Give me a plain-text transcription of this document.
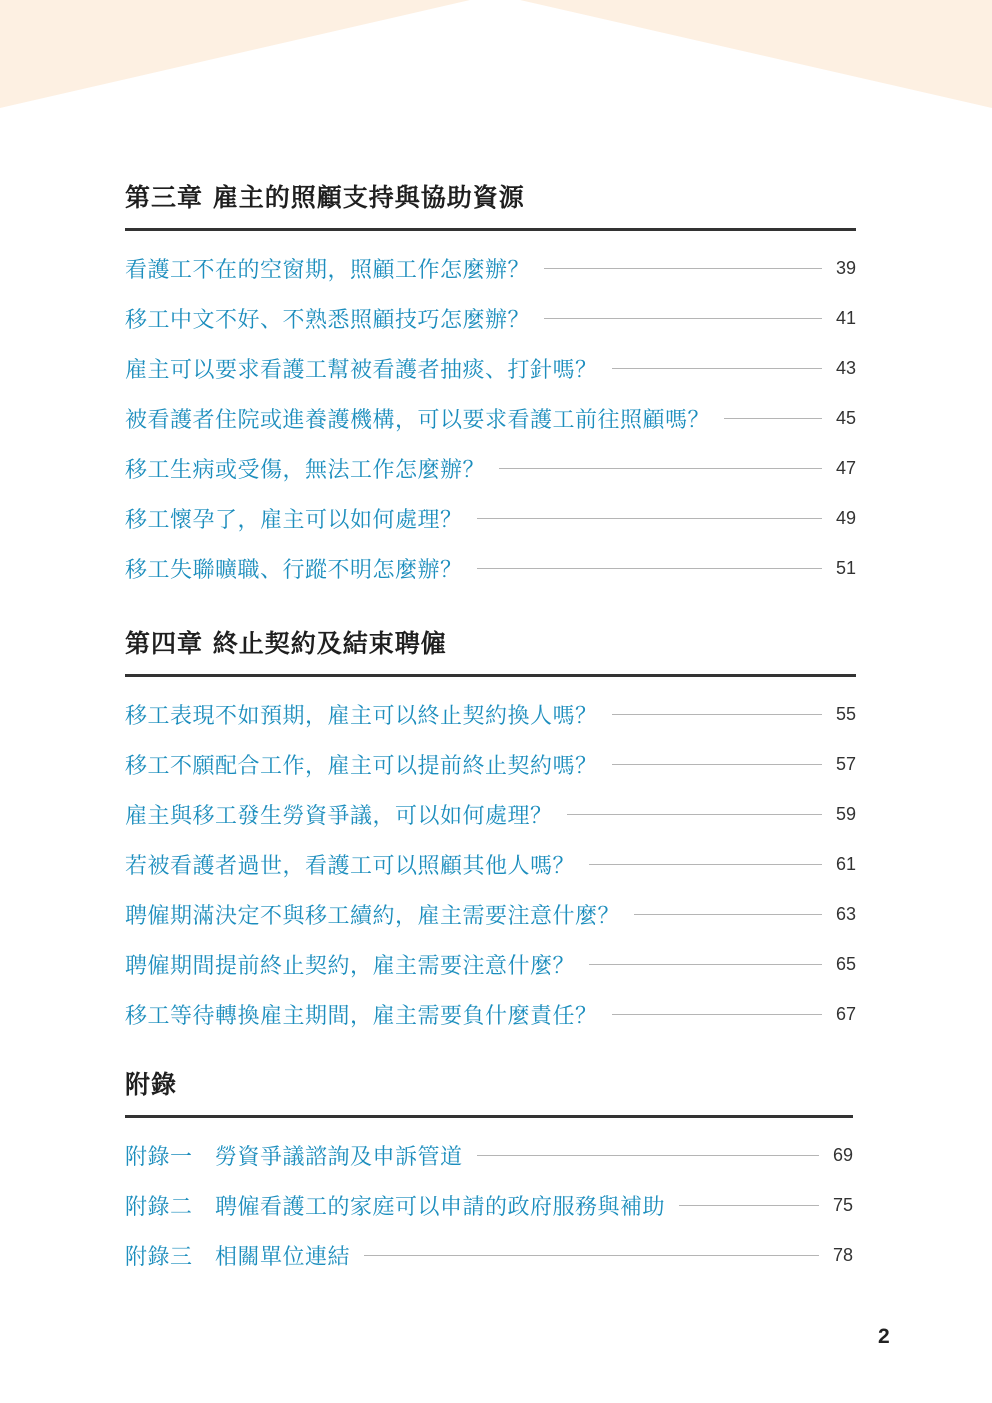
第三章 雇主的照顧支持與協助資源
看護工不在的空窗期，照顧工作怎麼辦？	39
移工中文不好、不熟悉照顧技巧怎麼辦？	41
雇主可以要求看護工幫被看護者抽痰、打針嗎？	43
被看護者住院或進養護機構，可以要求看護工前往照顧嗎？	45
移工生病或受傷，無法工作怎麼辦？	47
移工懷孕了，雇主可以如何處理？	49
移工失聯曠職、行蹤不明怎麼辦？	51
第四章 終止契約及結束聘僱
移工表現不如預期，雇主可以終止契約換人嗎？	55
移工不願配合工作，雇主可以提前終止契約嗎？	57
雇主與移工發生勞資爭議，可以如何處理？	59
若被看護者過世，看護工可以照顧其他人嗎？	61
聘僱期滿決定不與移工續約，雇主需要注意什麼？	63
聘僱期間提前終止契約，雇主需要注意什麼？	65
移工等待轉換雇主期間，雇主需要負什麼責任？	67
附錄
附錄一　勞資爭議諮詢及申訴管道	69
附錄二　聘僱看護工的家庭可以申請的政府服務與補助	75
附錄三　相關單位連結	78
2
